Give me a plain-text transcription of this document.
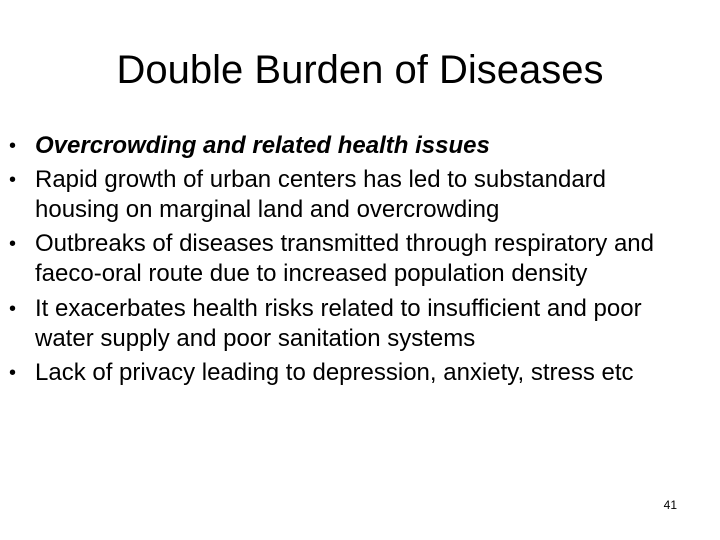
Double Burden of Diseases
• Overcrowding and related health issues
• Rapid growth of urban centers has led to substandard housing on marginal land and overcrowding
• Outbreaks of diseases transmitted through respiratory and faeco-oral route due to increased population density
• It exacerbates health risks related to insufficient and poor water supply and poor sanitation systems
• Lack of privacy leading to depression, anxiety, stress etc
41
